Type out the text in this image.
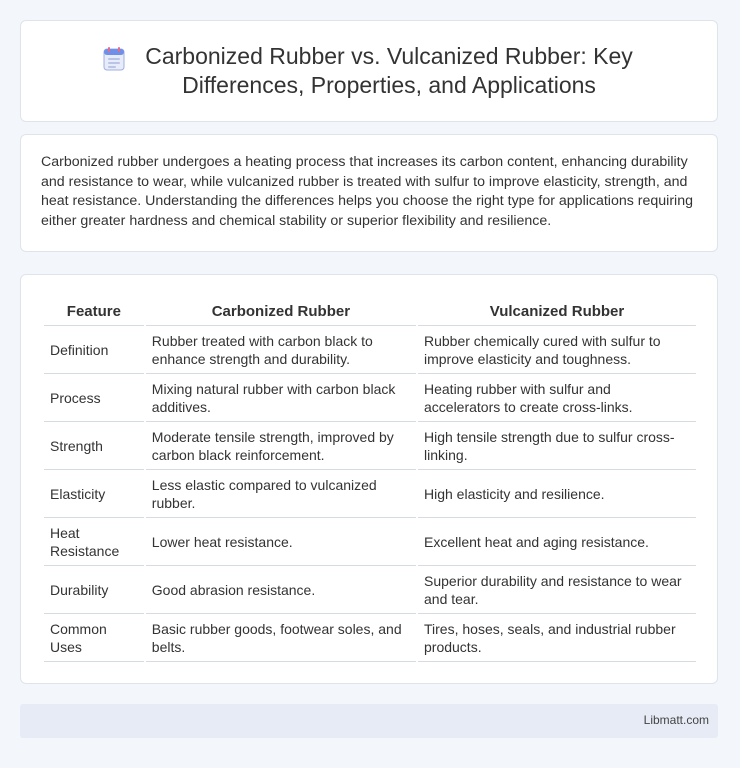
Carbonized Rubber vs. Vulcanized Rubber: Key Differences, Properties, and Applications

Carbonized rubber undergoes a heating process that increases its carbon content, enhancing durability and resistance to wear, while vulcanized rubber is treated with sulfur to improve elasticity, strength, and heat resistance. Understanding the differences helps you choose the right type for applications requiring either greater hardness and chemical stability or superior flexibility and resilience.

Feature	Carbonized Rubber	Vulcanized Rubber
Definition	Rubber treated with carbon black to enhance strength and durability.	Rubber chemically cured with sulfur to improve elasticity and toughness.
Process	Mixing natural rubber with carbon black additives.	Heating rubber with sulfur and accelerators to create cross-links.
Strength	Moderate tensile strength, improved by carbon black reinforcement.	High tensile strength due to sulfur cross-linking.
Elasticity	Less elastic compared to vulcanized rubber.	High elasticity and resilience.
Heat Resistance	Lower heat resistance.	Excellent heat and aging resistance.
Durability	Good abrasion resistance.	Superior durability and resistance to wear and tear.
Common Uses	Basic rubber goods, footwear soles, and belts.	Tires, hoses, seals, and industrial rubber products.
Libmatt.com
